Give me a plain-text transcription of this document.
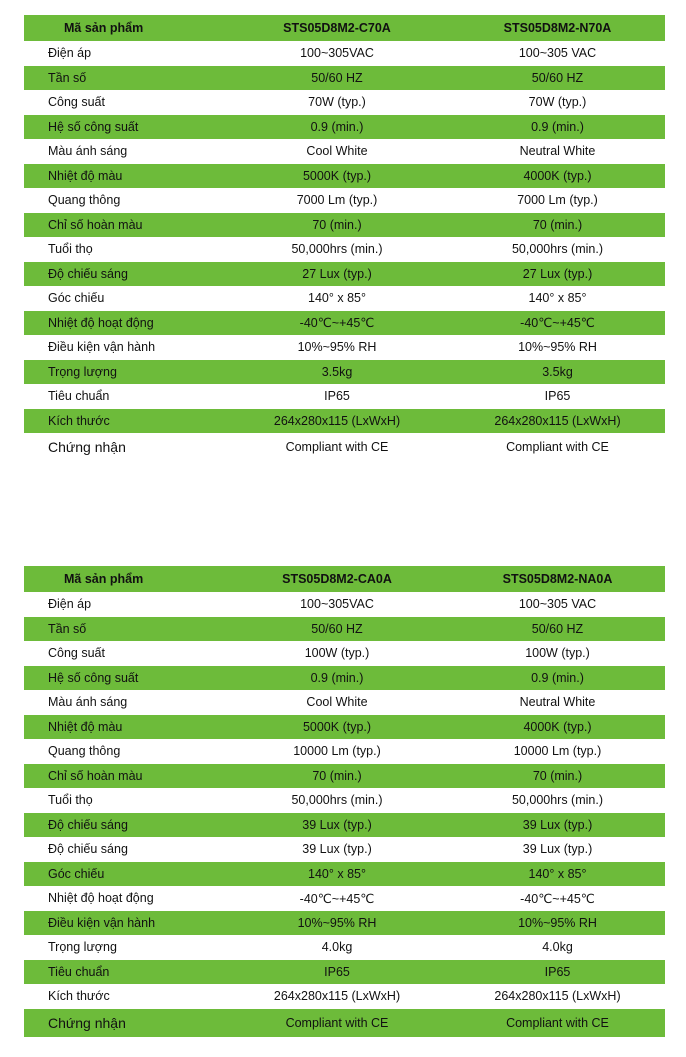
Mã sản phẩm	STS05D8M2-C70A	STS05D8M2-N70A
Điện áp	100~305VAC	100~305 VAC
Tần số	50/60 HZ	50/60 HZ
Công suất	70W (typ.)	70W (typ.)
Hệ số công suất	0.9 (min.)	0.9 (min.)
Màu ánh sáng	Cool White	Neutral White
Nhiệt độ màu	5000K (typ.)	4000K (typ.)
Quang thông	7000 Lm (typ.)	7000 Lm (typ.)
Chỉ số hoàn màu	70 (min.)	70 (min.)
Tuổi thọ	50,000hrs (min.)	50,000hrs (min.)
Độ chiếu sáng	27 Lux (typ.)	27 Lux (typ.)
Góc chiếu	140° x 85°	140° x 85°
Nhiệt độ hoạt động	-40℃~+45℃	-40℃~+45℃
Điều kiện vận hành	10%~95% RH	10%~95% RH
Trọng lượng	3.5kg	3.5kg
Tiêu chuẩn	IP65	IP65
Kích thước	264x280x115 (LxWxH)	264x280x115 (LxWxH)
Chứng nhận	Compliant with CE	Compliant with CE
Mã sản phẩm	STS05D8M2-CA0A	STS05D8M2-NA0A
Điện áp	100~305VAC	100~305 VAC
Tần số	50/60 HZ	50/60 HZ
Công suất	100W (typ.)	100W (typ.)
Hệ số công suất	0.9 (min.)	0.9 (min.)
Màu ánh sáng	Cool White	Neutral White
Nhiệt độ màu	5000K (typ.)	4000K (typ.)
Quang thông	10000 Lm (typ.)	10000 Lm (typ.)
Chỉ số hoàn màu	70 (min.)	70 (min.)
Tuổi thọ	50,000hrs (min.)	50,000hrs (min.)
Độ chiếu sáng	39 Lux (typ.)	39 Lux (typ.)
Độ chiếu sáng	39 Lux (typ.)	39 Lux (typ.)
Góc chiếu	140° x 85°	140° x 85°
Nhiệt độ hoạt động	-40℃~+45℃	-40℃~+45℃
Điều kiện vận hành	10%~95% RH	10%~95% RH
Trọng lượng	4.0kg	4.0kg
Tiêu chuẩn	IP65	IP65
Kích thước	264x280x115 (LxWxH)	264x280x115 (LxWxH)
Chứng nhận	Compliant with CE	Compliant with CE
